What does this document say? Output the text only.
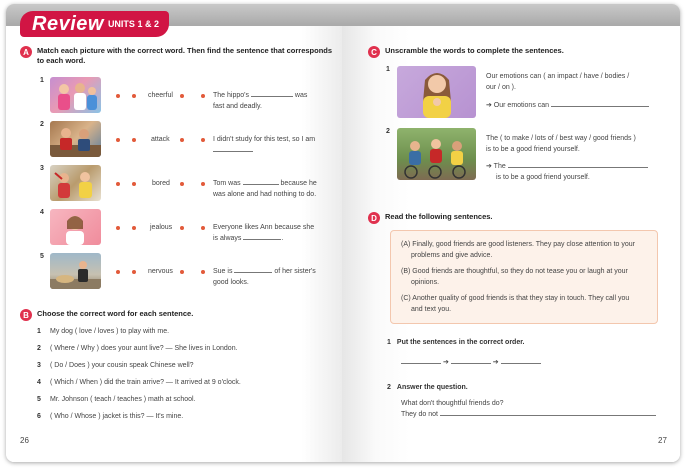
Review UNITS 1 & 2
A	Match each picture with the correct word. Then find the sentence that corresponds
to each word.
1
cheerful	The hippo's	was
fast and deadly.
2
attack	I didn't study for this test, so I am

3
bored	Tom was	because he
was alone and had nothing to do.
4
jealous	Everyone likes Ann because she
is always	.
5
nervous	Sue is	of her sister's
good looks.
B	Choose the correct word for each sentence.
1	My dog ( love / loves ) to play with me.
2	( Where / Why ) does your aunt live? — She lives in London.
3	( Do / Does ) your cousin speak Chinese well?
4	( Which / When ) did the train arrive? — It arrived at 9 o'clock.
5	Mr. Johnson ( teach / teaches ) math at school.
6	( Who / Whose ) jacket is this? — It's mine.
26
C	Unscramble the words to complete the sentences.
1
Our emotions can ( an impact / have / bodies /
our / on ).
➔ Our emotions can
2
The ( to make / lots of / best way / good friends )
is to be a good friend yourself.
➔ The
is to be a good friend yourself.
D	Read the following sentences.
(A) Finally, good friends are good listeners. They pay close attention to your
problems and give advice.
(B) Good friends are thoughtful, so they do not tease you or laugh at your
opinions.
(C) Another quality of good friends is that they stay in touch. They call you
and text you.
1 Put the sentences in the correct order.
➔	➔
2 Answer the question.
What don't thoughtful friends do?
They do not
27
